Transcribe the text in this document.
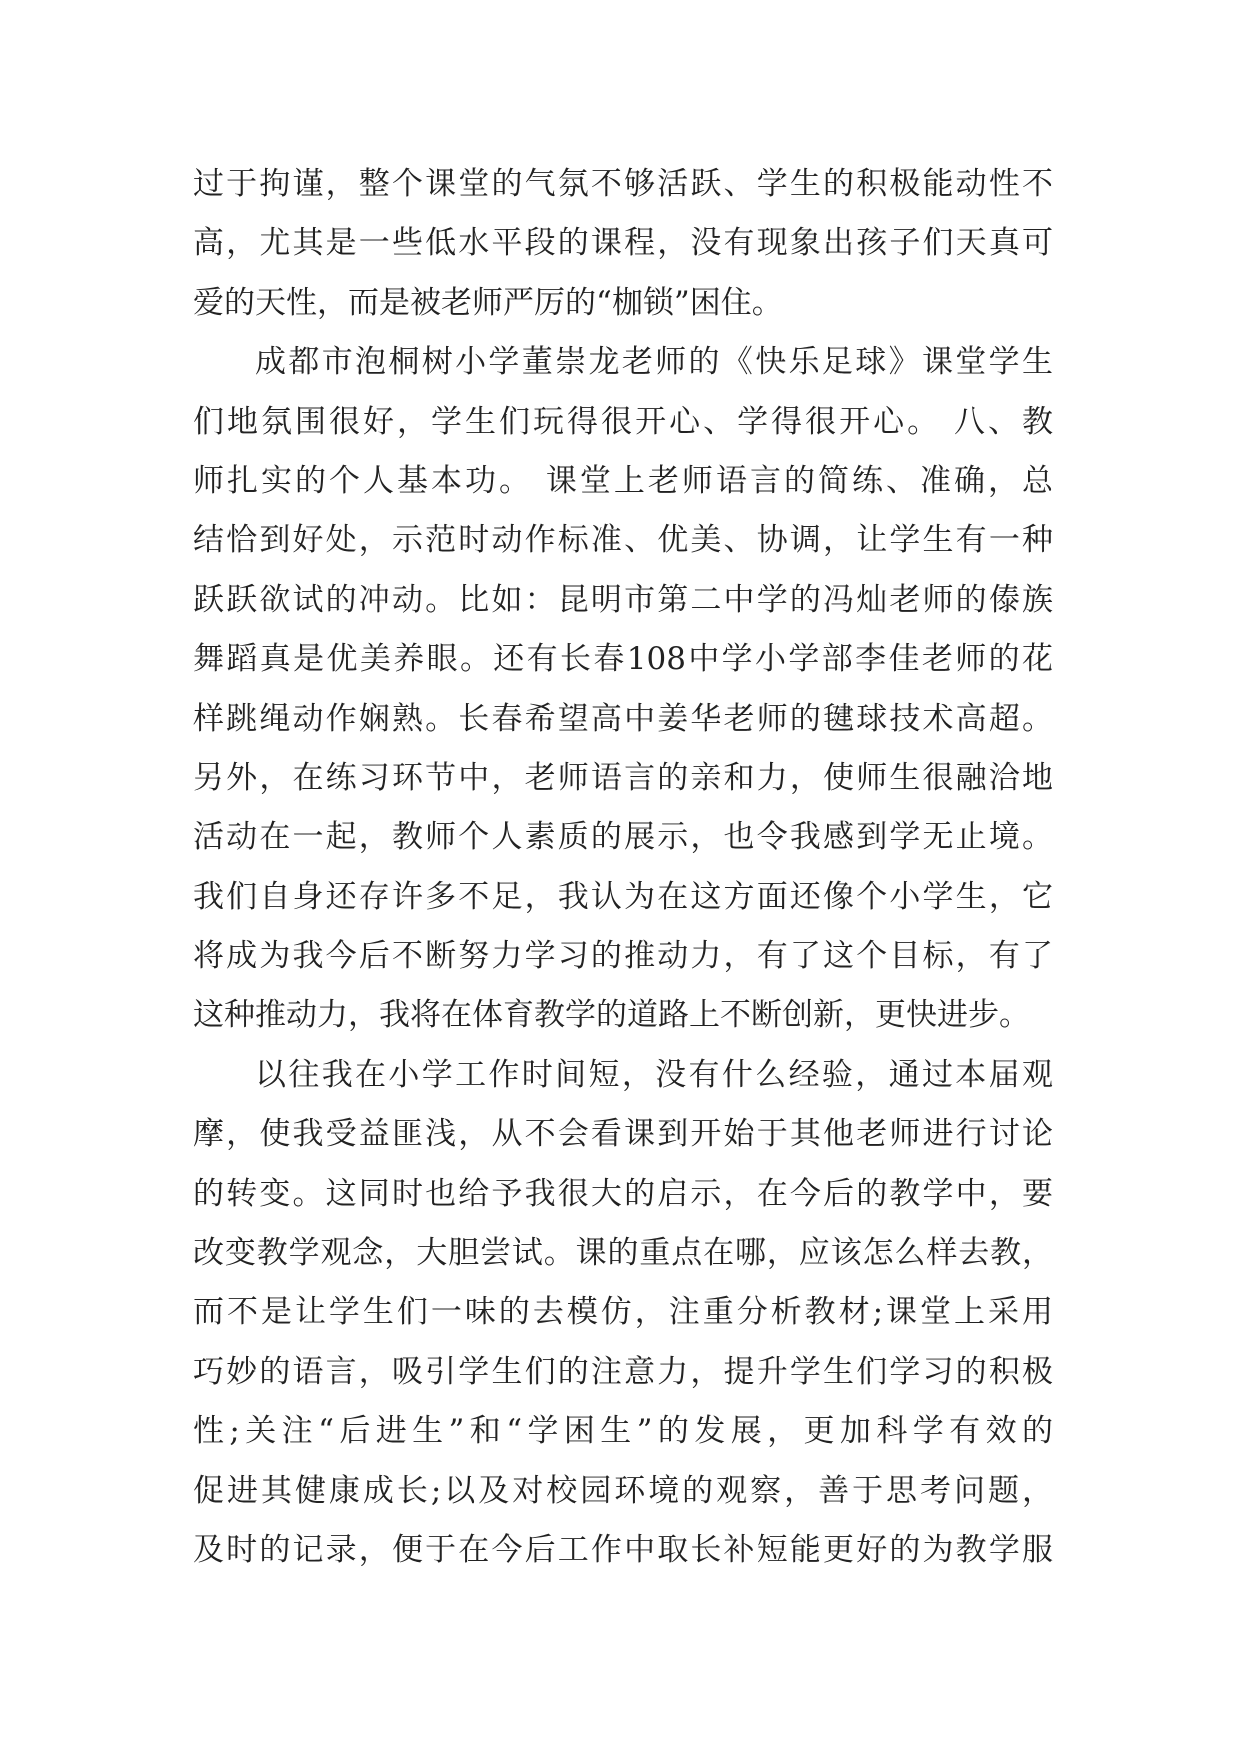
过于拘谨，整个课堂的气氛不够活跃、学生的积极能动性不
高，尤其是一些低水平段的课程，没有现象出孩子们天真可
爱的天性，而是被老师严厉的“枷锁”困住。
成都市泡桐树小学董崇龙老师的《快乐足球》课堂学生
们地氛围很好，学生们玩得很开心、学得很开心。 八、教
师扎实的个人基本功。 课堂上老师语言的简练、准确，总
结恰到好处，示范时动作标准、优美、协调，让学生有一种
跃跃欲试的冲动。比如：昆明市第二中学的冯灿老师的傣族
舞蹈真是优美养眼。还有长春108中学小学部李佳老师的花
样跳绳动作娴熟。长春希望高中姜华老师的毽球技术高超。
另外，在练习环节中，老师语言的亲和力，使师生很融洽地
活动在一起，教师个人素质的展示，也令我感到学无止境。
我们自身还存许多不足，我认为在这方面还像个小学生，它
将成为我今后不断努力学习的推动力，有了这个目标，有了
这种推动力，我将在体育教学的道路上不断创新，更快进步。
以往我在小学工作时间短，没有什么经验，通过本届观
摩，使我受益匪浅，从不会看课到开始于其他老师进行讨论
的转变。这同时也给予我很大的启示，在今后的教学中，要
改变教学观念，大胆尝试。课的重点在哪，应该怎么样去教，
而不是让学生们一味的去模仿，注重分析教材;课堂上采用
巧妙的语言，吸引学生们的注意力，提升学生们学习的积极
性;关注“后进生”和“学困生”的发展，更加科学有效的
促进其健康成长;以及对校园环境的观察，善于思考问题，
及时的记录，便于在今后工作中取长补短能更好的为教学服
